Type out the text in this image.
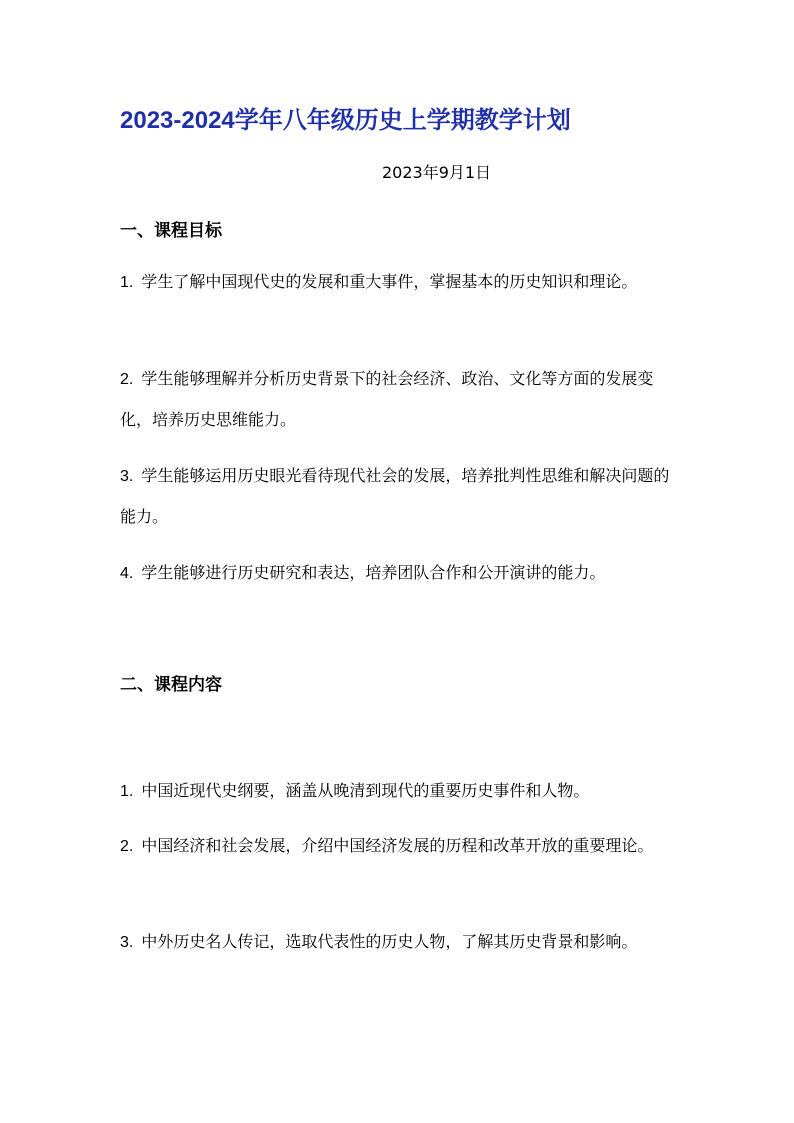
2023-2024学年八年级历史上学期教学计划
2023年9月1日
一、课程目标
1. 学生了解中国现代史的发展和重大事件，掌握基本的历史知识和理论。
2. 学生能够理解并分析历史背景下的社会经济、政治、文化等方面的发展变化，培养历史思维能力。
3. 学生能够运用历史眼光看待现代社会的发展，培养批判性思维和解决问题的能力。
4. 学生能够进行历史研究和表达，培养团队合作和公开演讲的能力。
二、课程内容
1. 中国近现代史纲要，涵盖从晚清到现代的重要历史事件和人物。
2. 中国经济和社会发展，介绍中国经济发展的历程和改革开放的重要理论。
3. 中外历史名人传记，选取代表性的历史人物，了解其历史背景和影响。
